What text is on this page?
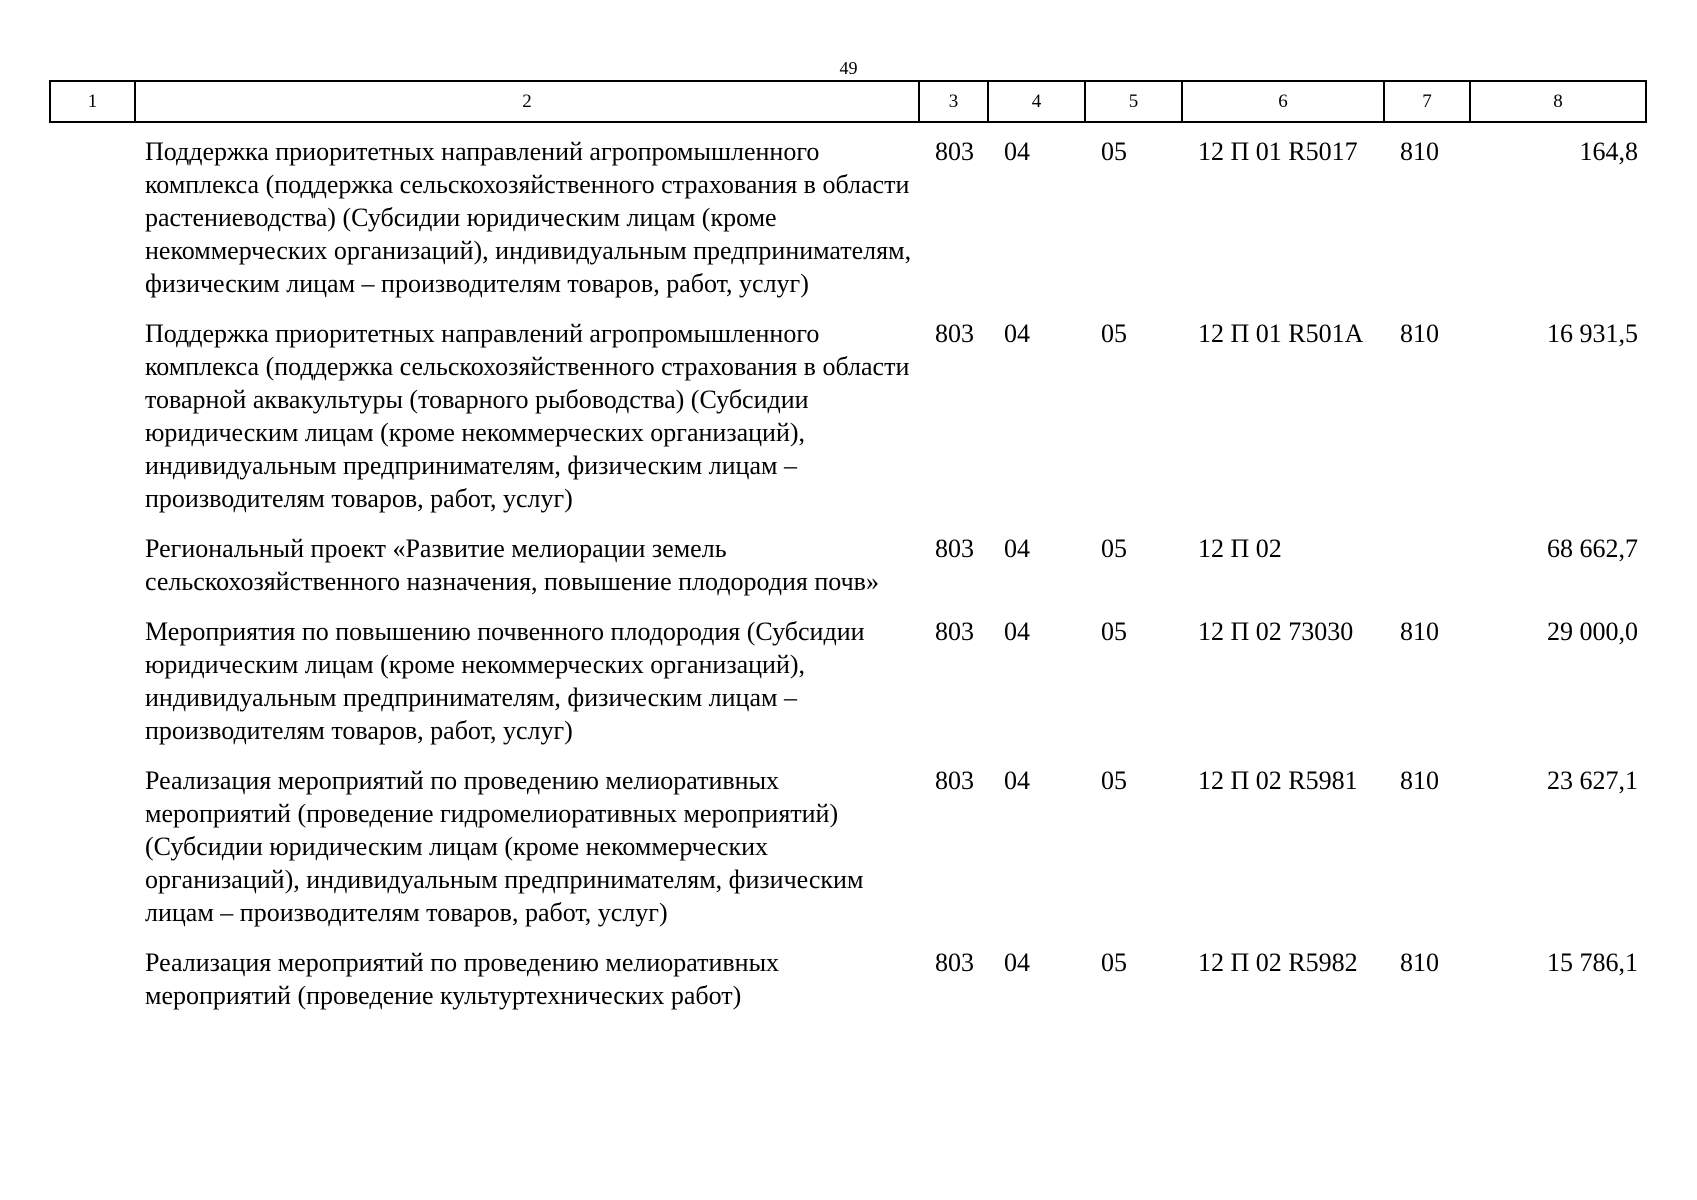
49
1	2	3	4	5	6	7	8
	Поддержка приоритетных направлений агропромышленного комплекса (поддержка сельскохозяйственного страхования в области растениеводства) (Субсидии юридическим лицам (кроме некоммерческих организаций), индивидуальным предпринимателям, физическим лицам – производителям товаров, работ, услуг)	803	04	05	12 П 01 R5017	810	164,8
	Поддержка приоритетных направлений агропромышленного комплекса (поддержка сельскохозяйственного страхования в области товарной аквакультуры (товарного рыбоводства) (Субсидии юридическим лицам (кроме некоммерческих организаций), индивидуальным предпринимателям, физическим лицам – производителям товаров, работ, услуг)	803	04	05	12 П 01 R501А	810	16 931,5
	Региональный проект «Развитие мелиорации земель сельскохозяйственного назначения, повышение плодородия почв»	803	04	05	12 П 02		68 662,7
	Мероприятия по повышению почвенного плодородия (Субсидии юридическим лицам (кроме некоммерческих организаций), индивидуальным предпринимателям, физическим лицам – производителям товаров, работ, услуг)	803	04	05	12 П 02 73030	810	29 000,0
	Реализация мероприятий по проведению мелиоративных мероприятий (проведение гидромелиоративных мероприятий) (Субсидии юридическим лицам (кроме некоммерческих организаций), индивидуальным предпринимателям, физическим лицам – производителям товаров, работ, услуг)	803	04	05	12 П 02 R5981	810	23 627,1
	Реализация мероприятий по проведению мелиоративных мероприятий (проведение культуртехнических работ)	803	04	05	12 П 02 R5982	810	15 786,1
